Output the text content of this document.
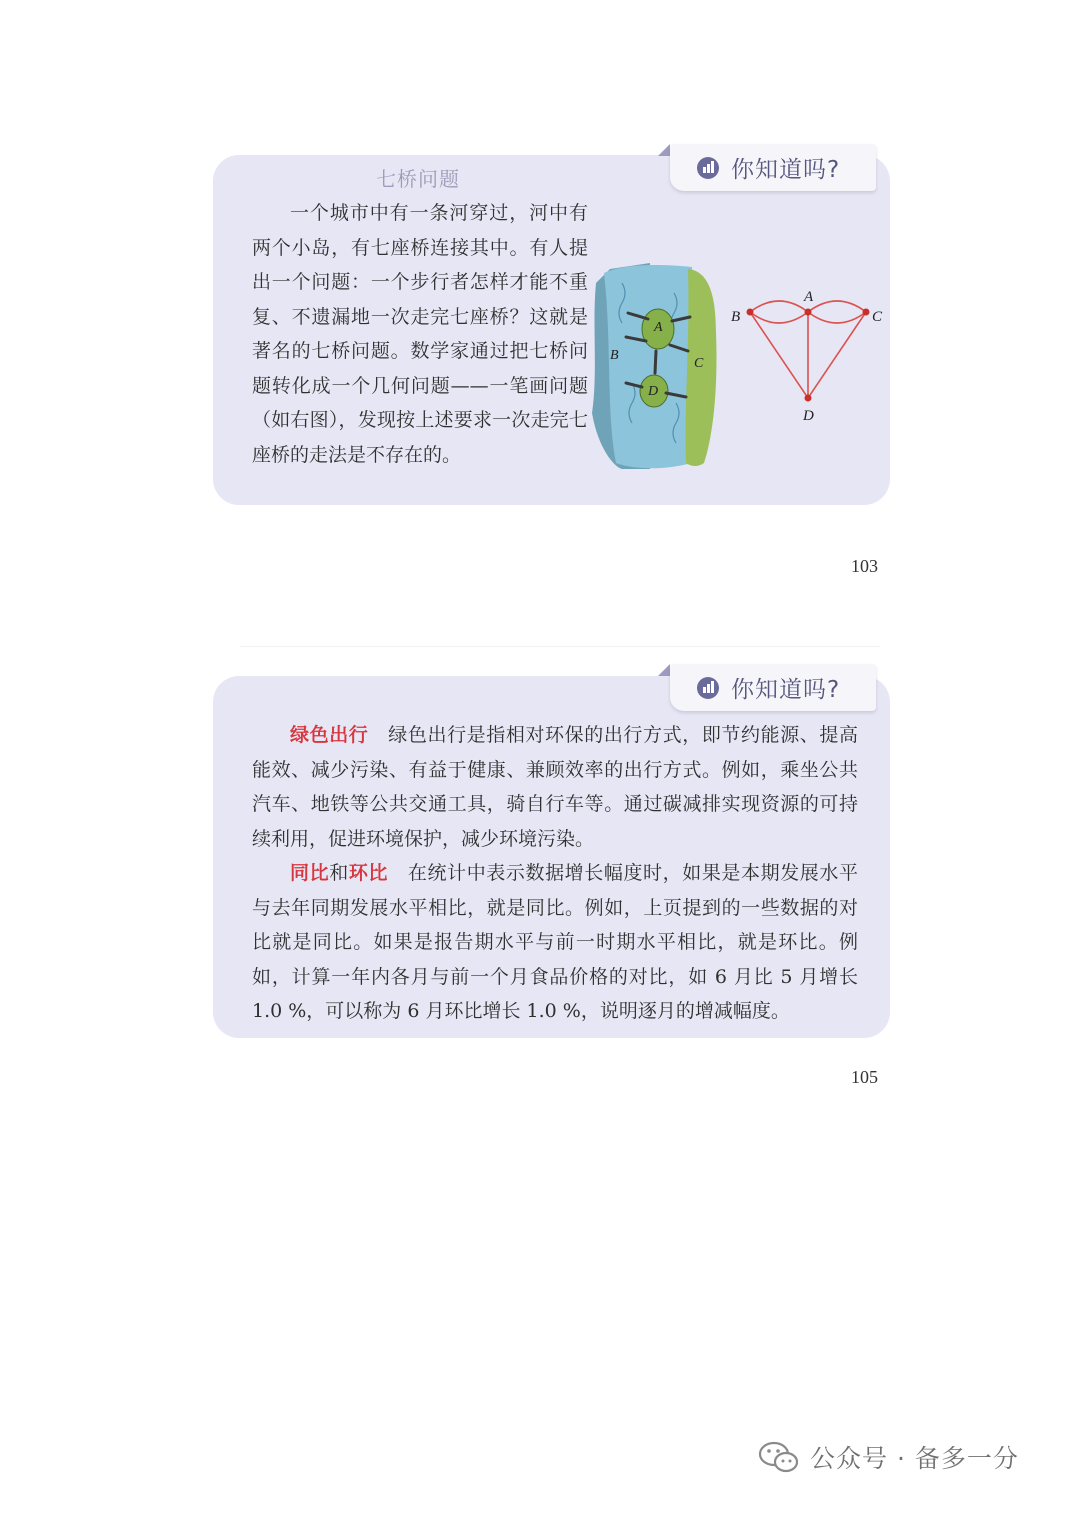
你知道吗?
七桥问题
一个城市中有一条河穿过，河中有两个小岛，有七座桥连接其中。有人提出一个问题：一个步行者怎样才能不重复、不遗漏地一次走完七座桥？这就是著名的七桥问题。数学家通过把七桥问题转化成一个几何问题——一笔画问题（如右图），发现按上述要求一次走完七座桥的走法是不存在的。
A
B
C
D
A
B	C
D
103
你知道吗?

绿色出行 绿色出行是指相对环保的出行方式，即节约能源、提高能效、减少污染、有益于健康、兼顾效率的出行方式。例如，乘坐公共汽车、地铁等公共交通工具，骑自行车等。通过碳减排实现资源的可持续利用，促进环境保护，减少环境污染。

同比和环比 在统计中表示数据增长幅度时，如果是本期发展水平与去年同期发展水平相比，就是同比。例如，上页提到的一些数据的对比就是同比。如果是报告期水平与前一时期水平相比，就是环比。例如，计算一年内各月与前一个月食品价格的对比，如 6 月比 5 月增长 1.0 %，可以称为 6 月环比增长 1.0 %，说明逐月的增减幅度。

105
公众号 · 备多一分
